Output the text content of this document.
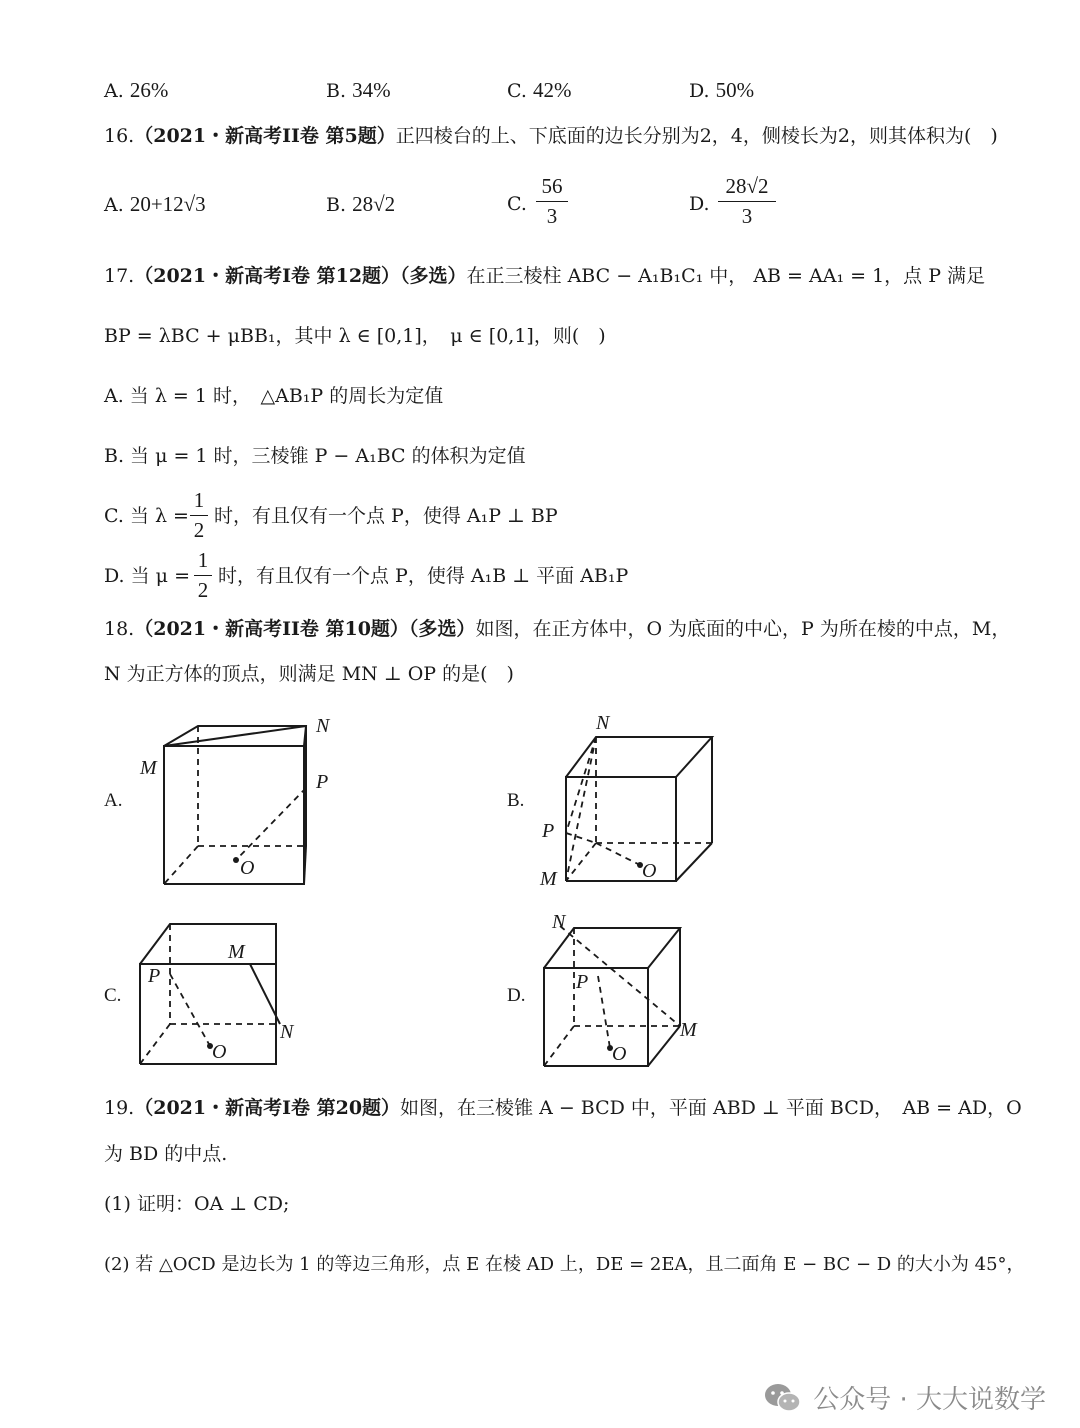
A. 26%	B. 34%	C. 42%	D. 50%
16.（2021・新高考II卷 第5题）正四棱台的上、下底面的边长分别为2，4，侧棱长为2，则其体积为(　)
A. 20+12√3	B. 28√2	C.
56
3	D.
28√2
3
17.（2021・新高考I卷 第12题）（多选）在正三棱柱 ABC − A₁B₁C₁ 中， AB = AA₁ = 1，点 P 满足
BP = λBC + μBB₁，其中 λ ∈ [0,1]，　μ ∈ [0,1]，则(　)
A. 当 λ = 1 时，　△AB₁P 的周长为定值
B. 当 μ = 1 时，三棱锥 P − A₁BC 的体积为定值
C. 当 λ =
1
2
时，有且仅有一个点 P，使得 A₁P ⊥ BP
D. 当 μ =
1
2
时，有且仅有一个点 P，使得 A₁B ⊥ 平面 AB₁P
18.（2021・新高考II卷 第10题）（多选）如图，在正方体中，O 为底面的中心，P 为所在棱的中点，M，
N 为正方体的顶点，则满足 MN ⊥ OP 的是(　)
A.	B.
C.	D.
M
N
P
O
N
P
M	O
P
M
N
O
N
P
M
O
19.（2021・新高考I卷 第20题）如图，在三棱锥 A − BCD 中，平面 ABD ⊥ 平面 BCD，　AB = AD，O
为 BD 的中点.
(1) 证明：OA ⊥ CD;
(2) 若 △OCD 是边长为 1 的等边三角形，点 E 在棱 AD 上，DE = 2EA，且二面角 E − BC − D 的大小为 45°，
公众号 · 大大说数学
